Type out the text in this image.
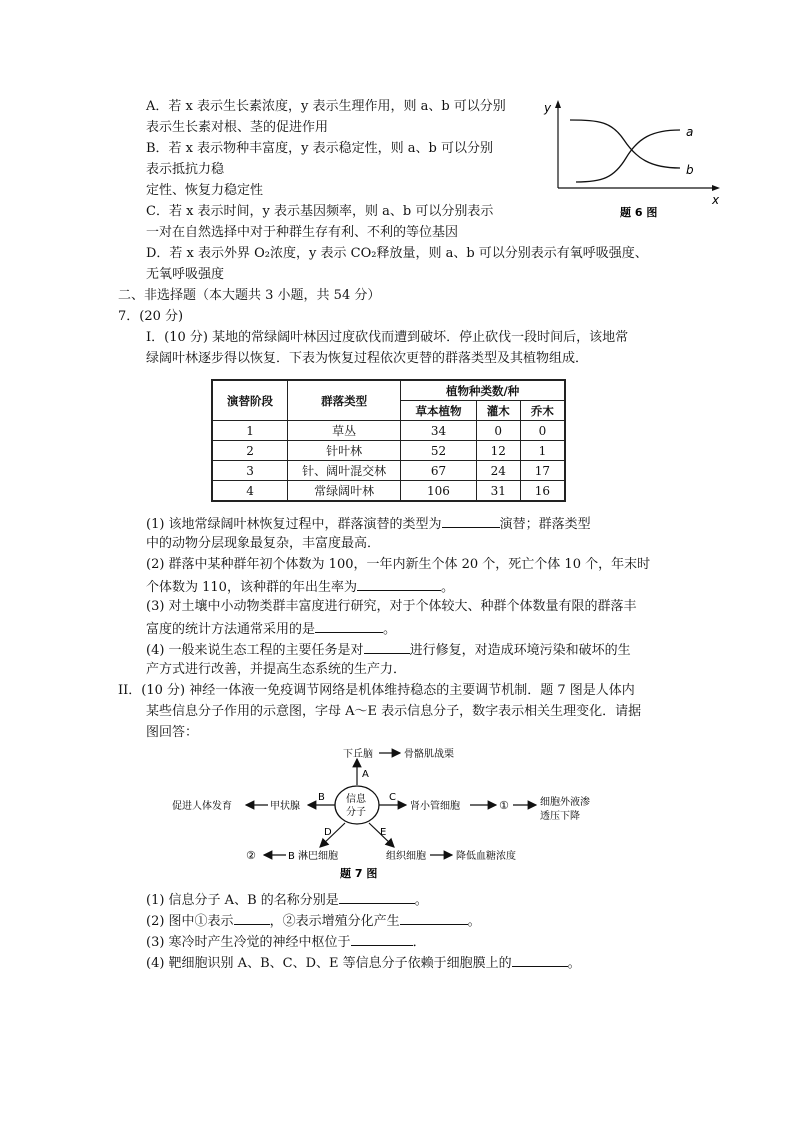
A．若 x 表示生长素浓度，y 表示生理作用，则 a、b 可以分别
表示生长素对根、茎的促进作用
B．若 x 表示物种丰富度，y 表示稳定性，则 a、b 可以分别
表示抵抗力稳
定性、恢复力稳定性
C．若 x 表示时间，y 表示基因频率，则 a、b 可以分别表示
一对在自然选择中对于种群生存有利、不利的等位基因
D．若 x 表示外界 O₂浓度，y 表示 CO₂释放量，则 a、b 可以分别表示有氧呼吸强度、
无氧呼吸强度
y
x
a
b
题 6 图
二、非选择题（本大题共 3 小题，共 54 分）
7．(20 分)
I．(10 分) 某地的常绿阔叶林因过度砍伐而遭到破坏．停止砍伐一段时间后，该地常
绿阔叶林逐步得以恢复．下表为恢复过程依次更替的群落类型及其植物组成．
演替阶段	群落类型	植物种类数/种		
		草本植物	灌木	乔木
1	草丛	34	0	0
2	针叶林	52	12	1
3	针、阔叶混交林	67	24	17
4	常绿阔叶林	106	31	16
(1) 该地常绿阔叶林恢复过程中，群落演替的类型为	演替；群落类型
中的动物分层现象最复杂，丰富度最高．
(2) 群落中某种群年初个体数为 100，一年内新生个体 20 个，死亡个体 10 个，年末时
个体数为 110，该种群的年出生率为	。
(3) 对土壤中小动物类群丰富度进行研究，对于个体较大、种群个体数量有限的群落丰
富度的统计方法通常采用的是	。
(4) 一般来说生态工程的主要任务是对	进行修复，对造成环境污染和破坏的生
产方式进行改善，并提高生态系统的生产力．
II．(10 分) 神经一体液一免疫调节网络是机体维持稳态的主要调节机制．题 7 图是人体内
某些信息分子作用的示意图，字母 A～E 表示信息分子，数字表示相关生理变化．请据
图回答：
信息
分子
A
下丘脑	骨骼肌战栗
B
甲状腺
促进人体发育
C
肾小管细胞	①	细胞外液渗
透压下降
D
B 淋巴细胞
②
E
组织细胞	降低血糖浓度
题 7 图
(1) 信息分子 A、B 的名称分别是	。
(2) 图中①表示	，②表示增殖分化产生	。
(3) 寒冷时产生冷觉的神经中枢位于	．
(4) 靶细胞识别 A、B、C、D、E 等信息分子依赖于细胞膜上的	。
